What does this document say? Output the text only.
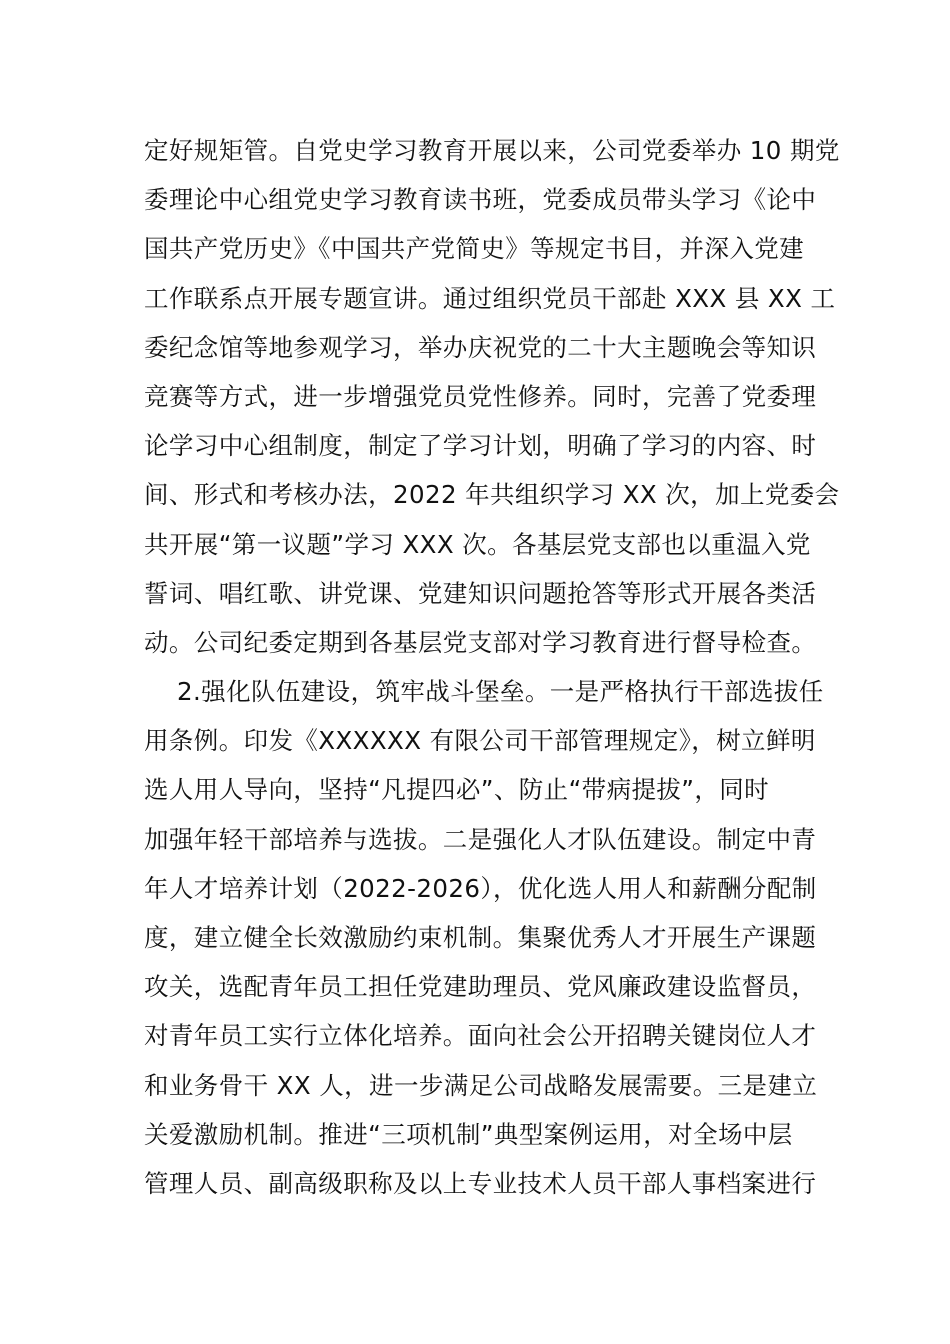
定好规矩管。自党史学习教育开展以来，公司党委举办 10 期党
委理论中心组党史学习教育读书班，党委成员带头学习《论中
国共产党历史》《中国共产党简史》等规定书目，并深入党建
工作联系点开展专题宣讲。通过组织党员干部赴 XXX 县 XX 工
委纪念馆等地参观学习，举办庆祝党的二十大主题晚会等知识
竞赛等方式，进一步增强党员党性修养。同时，完善了党委理
论学习中心组制度，制定了学习计划，明确了学习的内容、时
间、形式和考核办法，2022 年共组织学习 XX 次，加上党委会
共开展“第一议题”学习 XXX 次。各基层党支部也以重温入党
誓词、唱红歌、讲党课、党建知识问题抢答等形式开展各类活
动。公司纪委定期到各基层党支部对学习教育进行督导检查。
2.强化队伍建设，筑牢战斗堡垒。一是严格执行干部选拔任
用条例。印发《XXXXXX 有限公司干部管理规定》，树立鲜明
选人用人导向，坚持“凡提四必”、防止“带病提拔”，同时
加强年轻干部培养与选拔。二是强化人才队伍建设。制定中青
年人才培养计划（2022-2026），优化选人用人和薪酬分配制
度，建立健全长效激励约束机制。集聚优秀人才开展生产课题
攻关，选配青年员工担任党建助理员、党风廉政建设监督员，
对青年员工实行立体化培养。面向社会公开招聘关键岗位人才
和业务骨干 XX 人，进一步满足公司战略发展需要。三是建立
关爱激励机制。推进“三项机制”典型案例运用，对全场中层
管理人员、副高级职称及以上专业技术人员干部人事档案进行
